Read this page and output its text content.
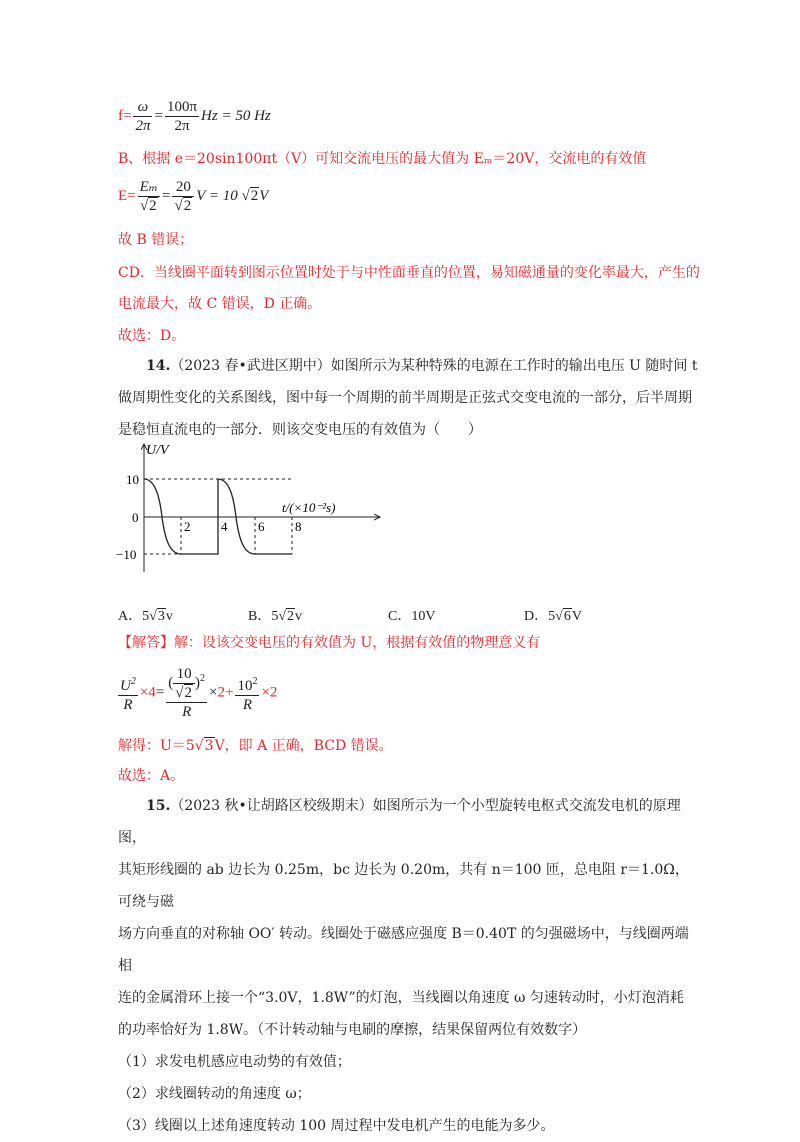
$f= \frac{\omega}{2\pi} = \frac{100\pi}{2\pi}$ Hz = 50 Hz
B、根据 e＝20sin100πt（V）可知交流电压的最大值为 Eₘ＝20V，交流电的有效值
$E= \frac{\text{Eₘ}}{√2} = \frac{20}{√2}$ V = 10 √2V
故 B 错误；
CD．当线圈平面转到图示位置时处于与中性面垂直的位置，易知磁通量的变化率最大，产生的
电流最大，故 C 错误，D 正确。
故选：D。
14.（2023 春•武进区期中）如图所示为某种特殊的电源在工作时的输出电压 U 随时间 t
做周期性变化的关系图线，图中每一个周期的前半周期是正弦式交变电流的一部分，后半周期
是稳恒直流电的一部分．则该交变电压的有效值为（　　）
U/V
t/(×10⁻²s)
10
0
−10
2 4 6 8
A．5√3v	B．5√2v	C．10V	D．5√6V
【解答】解：设该交变电压的有效值为 U，根据有效值的物理意义有
$\frac{U^2}{R} \times 4= \frac{( \frac{10}{√2} )^2}{R} \times 2+ \frac{10^2}{R} \times 2$
解得：U＝5√3V，即 A 正确，BCD 错误。
故选：A。
15.（2023 秋•让胡路区校级期末）如图所示为一个小型旋转电枢式交流发电机的原理图，
其矩形线圈的 ab 边长为 0.25m，bc 边长为 0.20m，共有 n＝100 匝，总电阻 r＝1.0Ω，可绕与磁
场方向垂直的对称轴 OO′ 转动。线圈处于磁感应强度 B＝0.40T 的匀强磁场中，与线圈两端相
连的金属滑环上接一个“3.0V，1.8W”的灯泡，当线圈以角速度 ω 匀速转动时，小灯泡消耗
的功率恰好为 1.8W。（不计转动轴与电刷的摩擦，结果保留两位有效数字）
（1）求发电机感应电动势的有效值；
（2）求线圈转动的角速度 ω；
（3）线圈以上述角速度转动 100 周过程中发电机产生的电能为多少。
